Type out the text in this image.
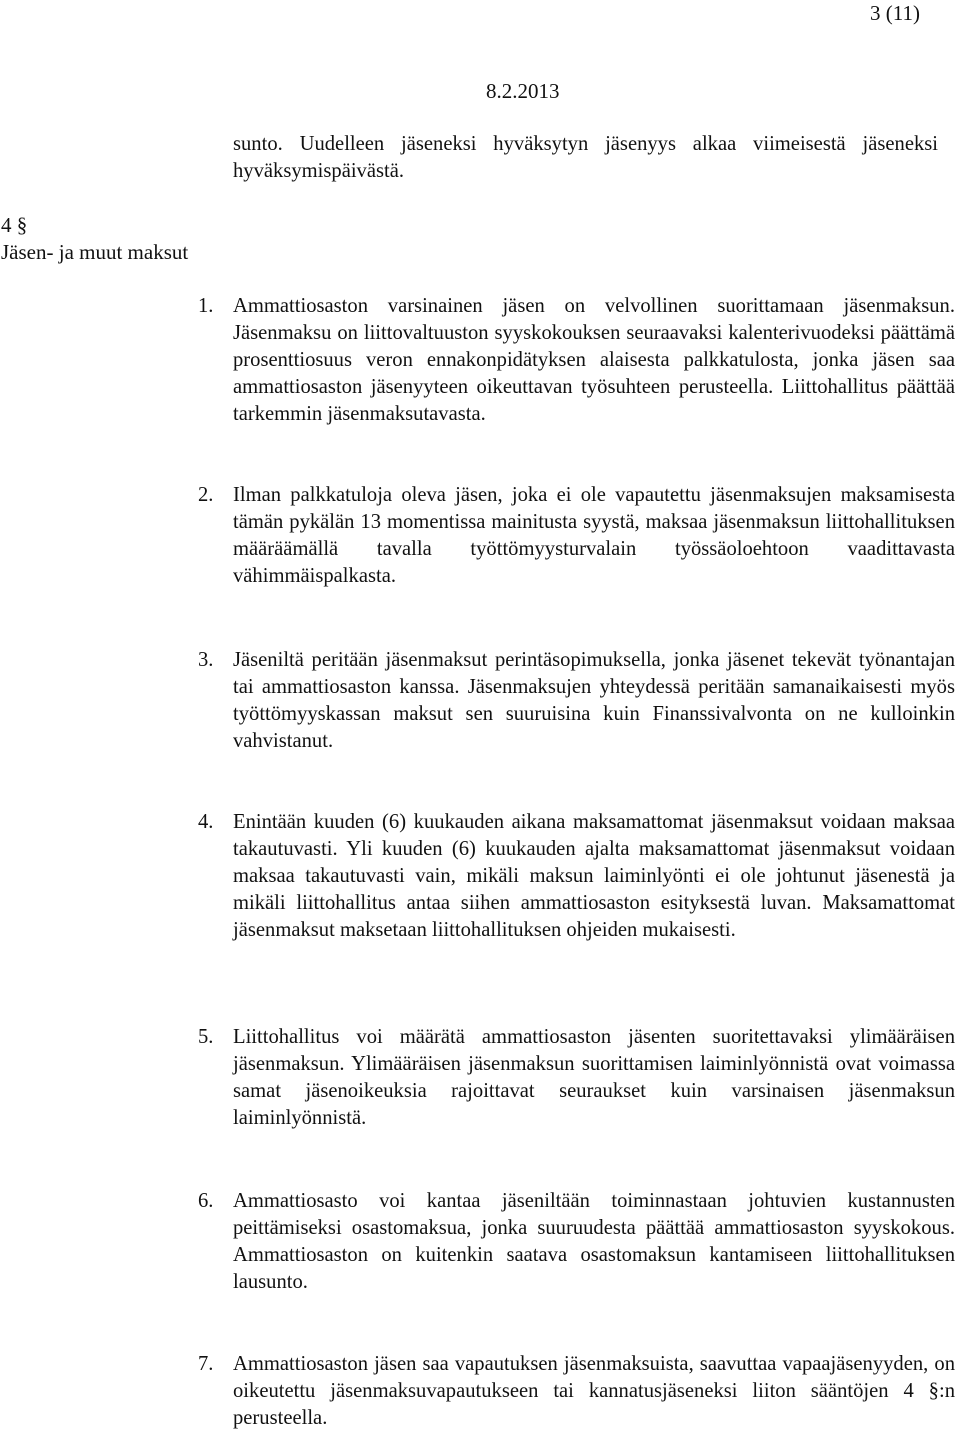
3 (11)
8.2.2013

suntο. Uudelleen jäseneksi hyväksytyn jäsenyys alkaa viimeisestä jäseneksi hyväksymispäivästä.

4 §
Jäsen- ja muut maksut
1. Ammattiosaston varsinainen jäsen on velvollinen suorittamaan jäsenmaksun. Jäsenmaksu on liittovaltuuston syyskokouksen seuraavaksi kalenterivuodeksi päättämä prosenttiosuus veron ennakonpidätyksen alaisesta palkkatulosta, jonka jäsen saa ammattiosaston jäsenyyteen oikeuttavan työsuhteen perusteella. Liittohallitus päättää tarkemmin jäsenmaksutavasta.

2. Ilman palkkatuloja oleva jäsen, joka ei ole vapautettu jäsenmaksujen maksamisesta tämän pykälän 13 momentissa mainitusta syystä, maksaa jäsenmaksun liittohallituksen määräämällä tavalla työttömyysturvalain työssäoloehtoon vaadittavasta vähimmäispalkasta.

3. Jäseniltä peritään jäsenmaksut perintäsopimuksella, jonka jäsenet tekevät työnantajan tai ammattiosaston kanssa. Jäsenmaksujen yhteydessä peritään samanaikaisesti myös työttömyyskassan maksut sen suuruisina kuin Finanssivalvonta on ne kulloinkin vahvistanut.

4. Enintään kuuden (6) kuukauden aikana maksamattomat jäsenmaksut voidaan maksaa takautuvasti. Yli kuuden (6) kuukauden ajalta maksamattomat jäsenmaksut voidaan maksaa takautuvasti vain, mikäli maksun laiminlyönti ei ole johtunut jäsenestä ja mikäli liittohallitus antaa siihen ammattiosaston esityksestä luvan. Maksamattomat jäsenmaksut maksetaan liittohallituksen ohjeiden mukaisesti.

5. Liittohallitus voi määrätä ammattiosaston jäsenten suoritettavaksi ylimääräisen jäsenmaksun. Ylimääräisen jäsenmaksun suorittamisen laiminlyönnistä ovat voimassa samat jäsenoikeuksia rajoittavat seuraukset kuin varsinaisen jäsenmaksun laiminlyönnistä.

6. Ammattiosasto voi kantaa jäseniltään toiminnastaan johtuvien kustannusten peittämiseksi osastomaksua, jonka suuruudesta päättää ammattiosaston syyskokous. Ammattiosaston on kuitenkin saatava osastomaksun kantamiseen liittohallituksen lausunto.

7. Ammattiosaston jäsen saa vapautuksen jäsenmaksuista, saavuttaa vapaajäsenyyden, on oikeutettu jäsenmaksuvapautukseen tai kannatusjäseneksi liiton sääntöjen 4 §:n perusteella.
